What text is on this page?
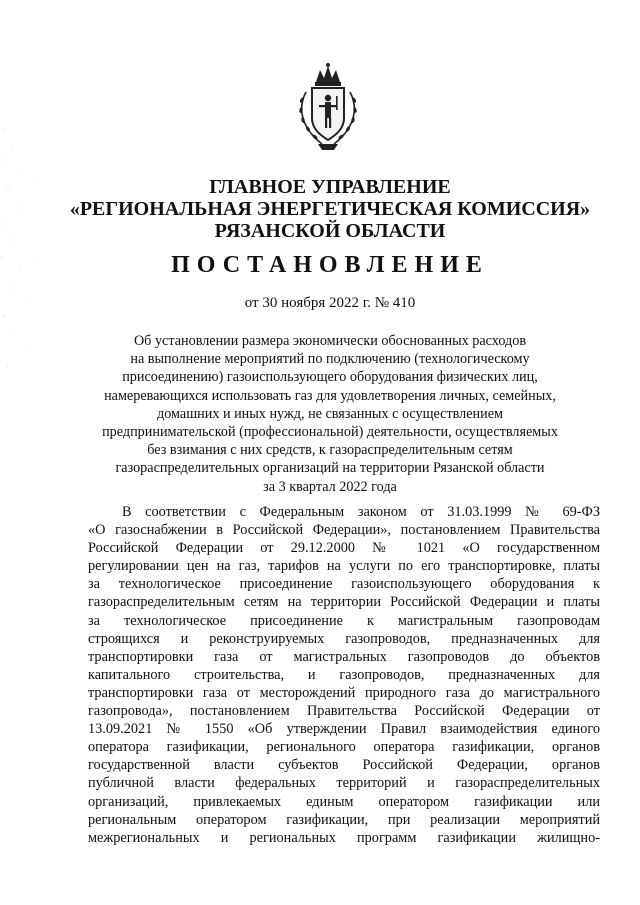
ГЛАВНОЕ УПРАВЛЕНИЕ
«РЕГИОНАЛЬНАЯ ЭНЕРГЕТИЧЕСКАЯ КОМИССИЯ»
РЯЗАНСКОЙ ОБЛАСТИ
ПОСТАНОВЛЕНИЕ
от 30 ноября 2022 г. № 410
Об установлении размера экономически обоснованных расходов
на выполнение мероприятий по подключению (технологическому
присоединению) газоиспользующего оборудования физических лиц,
намеревающихся использовать газ для удовлетворения личных, семейных,
домашних и иных нужд, не связанных с осуществлением
предпринимательской (профессиональной) деятельности, осуществляемых
без взимания с них средств, к газораспределительным сетям
газораспределительных организаций на территории Рязанской области
за 3 квартал 2022 года
В соответствии с Федеральным законом от 31.03.1999 № 69-ФЗ
«О газоснабжении в Российской Федерации», постановлением Правительства
Российской Федерации от 29.12.2000 № 1021 «О государственном
регулировании цен на газ, тарифов на услуги по его транспортировке, платы
за технологическое присоединение газоиспользующего оборудования к
газораспределительным сетям на территории Российской Федерации и платы
за технологическое присоединение к магистральным газопроводам
строящихся и реконструируемых газопроводов, предназначенных для
транспортировки газа от магистральных газопроводов до объектов
капитального строительства, и газопроводов, предназначенных для
транспортировки газа от месторождений природного газа до магистрального
газопровода», постановлением Правительства Российской Федерации от
13.09.2021 № 1550 «Об утверждении Правил взаимодействия единого
оператора газификации, регионального оператора газификации, органов
государственной власти субъектов Российской Федерации, органов
публичной власти федеральных территорий и газораспределительных
организаций, привлекаемых единым оператором газификации или
региональным оператором газификации, при реализации мероприятий
межрегиональных и региональных программ газификации жилищно-
